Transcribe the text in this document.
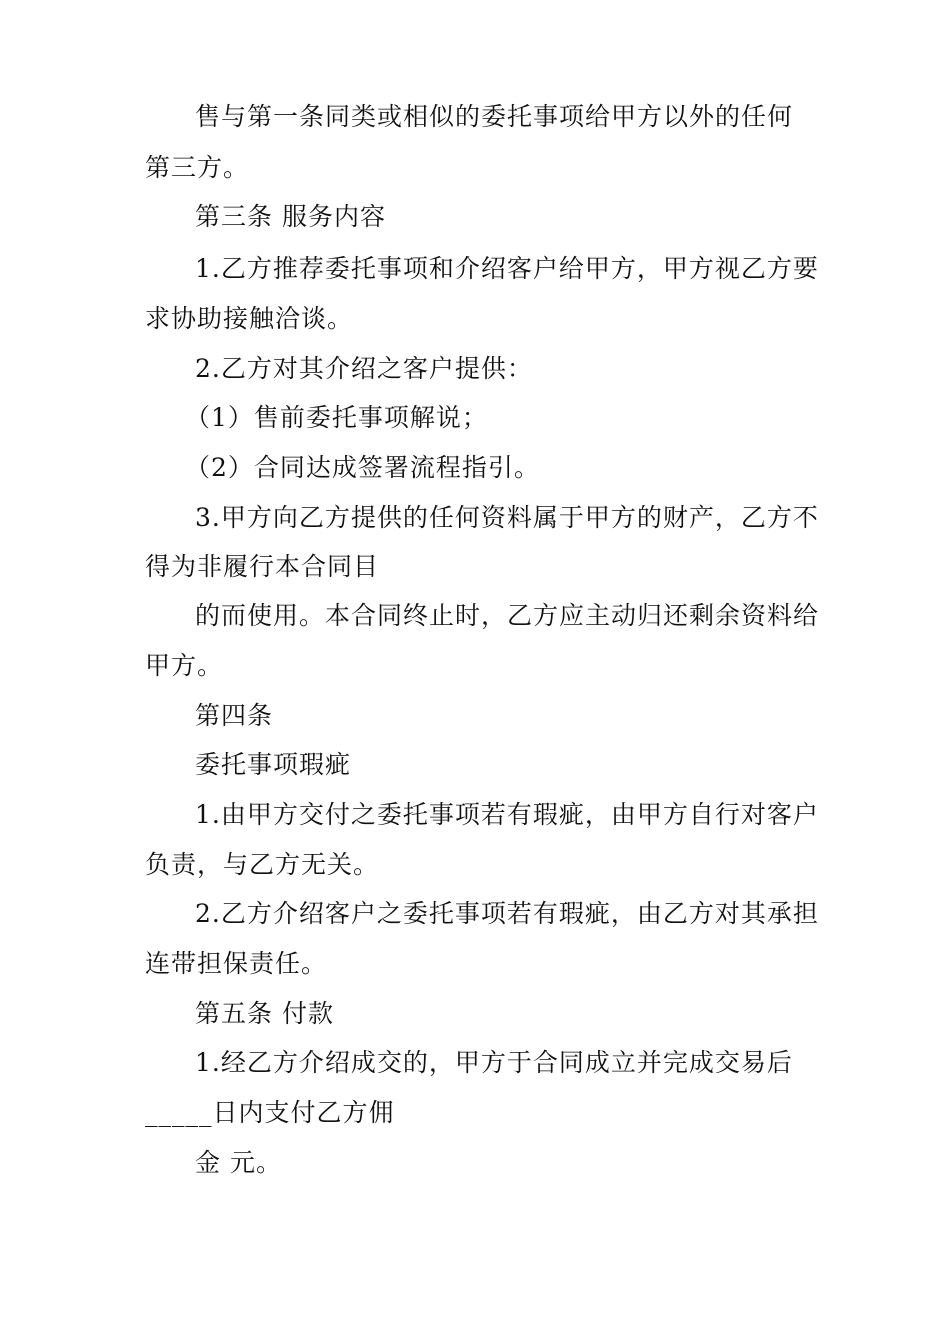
售与第一条同类或相似的委托事项给甲方以外的任何
第三方。
第三条 服务内容
1.乙方推荐委托事项和介绍客户给甲方，甲方视乙方要
求协助接触洽谈。
2.乙方对其介绍之客户提供：
（1）售前委托事项解说；
（2）合同达成签署流程指引。
3.甲方向乙方提供的任何资料属于甲方的财产，乙方不
得为非履行本合同目
的而使用。本合同终止时，乙方应主动归还剩余资料给
甲方。
第四条
委托事项瑕疵
1.由甲方交付之委托事项若有瑕疵，由甲方自行对客户
负责，与乙方无关。
2.乙方介绍客户之委托事项若有瑕疵，由乙方对其承担
连带担保责任。
第五条 付款
1.经乙方介绍成交的，甲方于合同成立并完成交易后
_____日内支付乙方佣
金 元。
